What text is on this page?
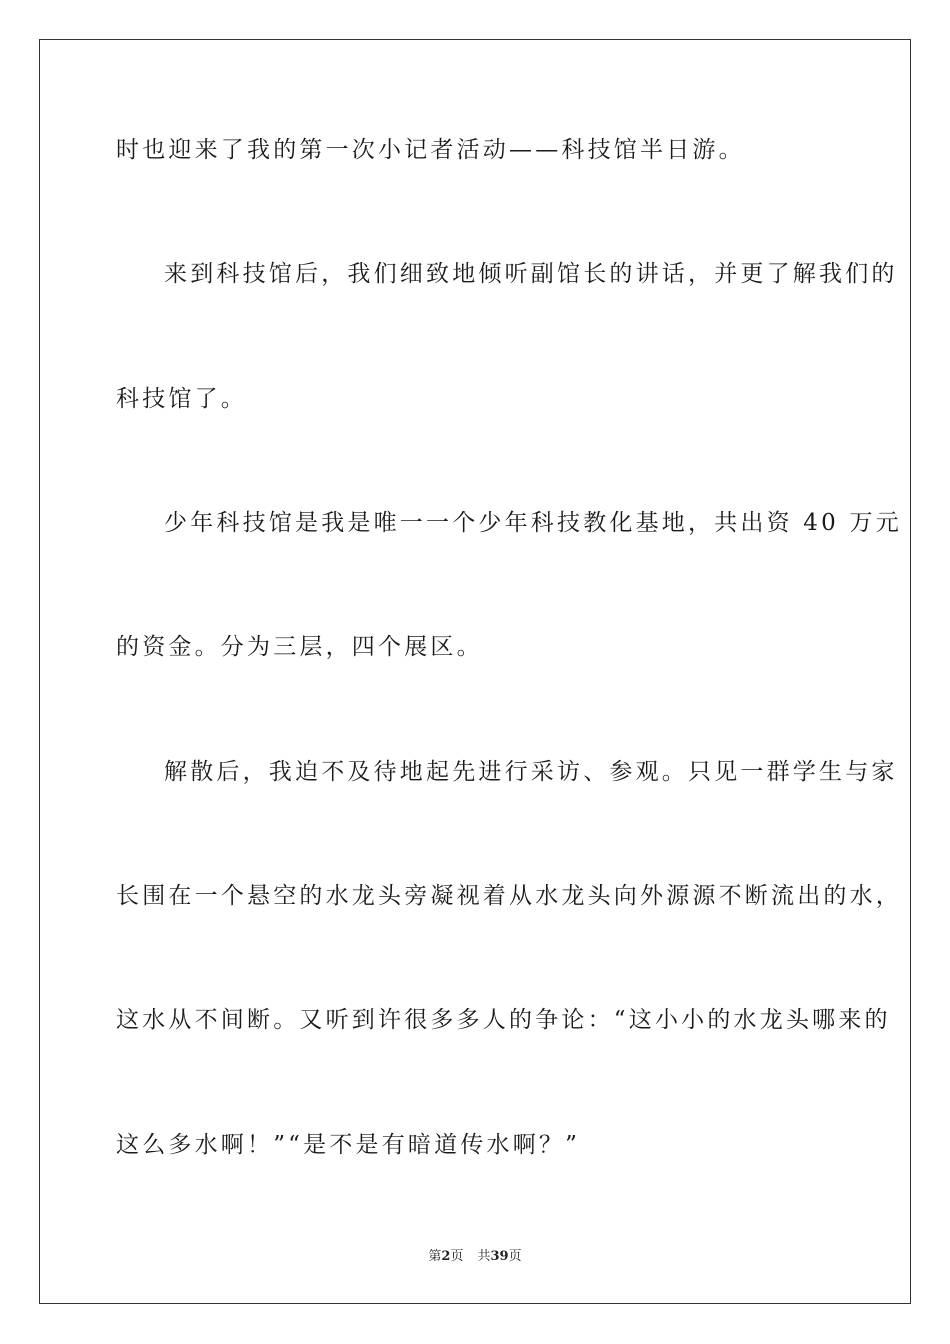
时也迎来了我的第一次小记者活动——科技馆半日游。
来到科技馆后，我们细致地倾听副馆长的讲话，并更了解我们的
科技馆了。
少年科技馆是我是唯一一个少年科技教化基地，共出资 40 万元
的资金。分为三层，四个展区。
解散后，我迫不及待地起先进行采访、参观。只见一群学生与家
长围在一个悬空的水龙头旁凝视着从水龙头向外源源不断流出的水，
这水从不间断。又听到许很多多人的争论：“这小小的水龙头哪来的
这么多水啊！”“是不是有暗道传水啊？”
第2页 共39页
